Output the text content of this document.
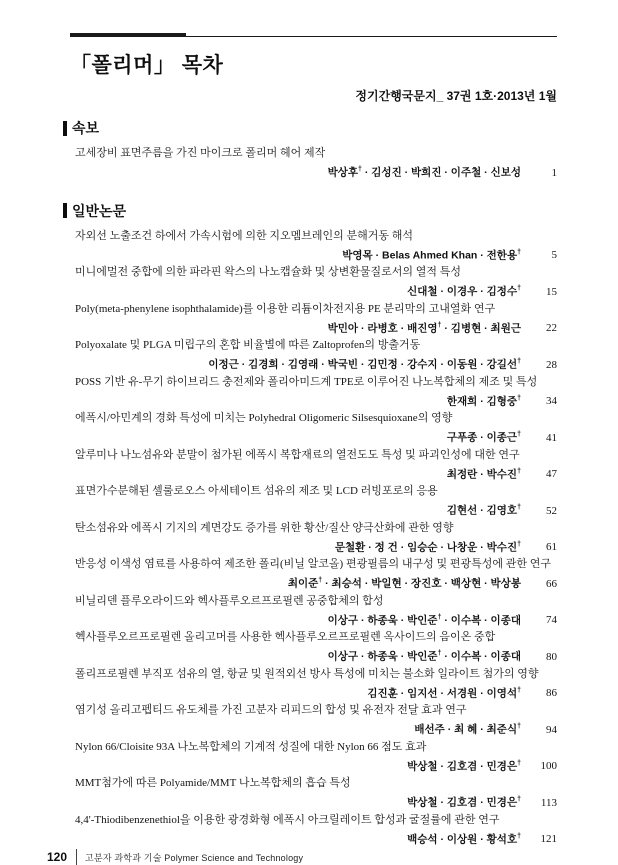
「폴리머」 목차
정기간행국문지_ 37권 1호·2013년 1월
속보
고세장비 표면주름을 가진 마이크로 폴리머 헤어 제작
박상후† · 김성진 · 박희진 · 이주철 · 신보성	1
일반논문
자외선 노출조건 하에서 가속시험에 의한 지오멤브레인의 분해거동 해석
박영목 · Belas Ahmed Khan · 전한용†	5
미니에멀전 중합에 의한 파라핀 왁스의 나노캡슐화 및 상변환물질로서의 열적 특성
신대철 · 이경우 · 김정수†	15
Poly(meta-phenylene isophthalamide)를 이용한 리튬이차전지용 PE 분리막의 고내열화 연구
박민아 · 라병호 · 배진영† · 김병현 · 최원근	22
Polyoxalate 및 PLGA 미립구의 혼합 비율별에 따른 Zaltoprofen의 방출거동
이정근 · 김경희 · 김영래 · 박국빈 · 김민정 · 강수지 · 이동원 · 강길선†	28
POSS 기반 유-무기 하이브리드 충전제와 폴리아미드계 TPE로 이루어진 나노복합체의 제조 및 특성
한재희 · 김형중†	34
에폭시/아민계의 경화 특성에 미치는 Polyhedral Oligomeric Silsesquioxane의 영향
구푸종 · 이종근†	41
알루미나 나노섬유와 분말이 첨가된 에폭시 복합재료의 열전도도 특성 및 파괴인성에 대한 연구
최정란 · 박수진†	47
표면가수분해된 셀룰로오스 아세테이트 섬유의 제조 및 LCD 러빙포로의 응용
김현선 · 김영호†	52
탄소섬유와 에폭시 기지의 계면강도 증가를 위한 황산/질산 양극산화에 관한 영향
문철환 · 정 건 · 임승순 · 나창운 · 박수진†	61
반응성 이색성 염료를 사용하여 제조한 폴리(비닐 알코올) 편광필름의 내구성 및 편광특성에 관한 연구
최이준† · 최승석 · 박일현 · 장진호 · 백상현 · 박상봉	66
비닐리덴 플루오라이드와 헥사플루오르프로필렌 공중합체의 합성
이상구 · 하종욱 · 박인준† · 이수복 · 이종대	74
헥사플루오르프로필렌 올리고머를 사용한 헥사플루오르프로필렌 옥사이드의 음이온 중합
이상구 · 하종욱 · 박인준† · 이수복 · 이종대	80
폴리프로필렌 부직포 섬유의 열, 항균 및 원적외선 방사 특성에 미치는 불소화 일라이트 첨가의 영향
김진훈 · 임지선 · 서경원 · 이영석†	86
염기성 올리고펩티드 유도체를 가진 고분자 리피드의 합성 및 유전자 전달 효과 연구
배선주 · 최 혜 · 최준식†	94
Nylon 66/Cloisite 93A 나노복합체의 기계적 성질에 대한 Nylon 66 점도 효과
박상철 · 김호겸 · 민경은†	100
MMT첨가에 따른 Polyamide/MMT 나노복합체의 흡습 특성
박상철 · 김호겸 · 민경은†	113
4,4'-Thiodibenzenethiol을 이용한 광경화형 에폭시 아크릴레이트 합성과 굴절률에 관한 연구
백승석 · 이상원 · 황석호†	121
120 고분자 과학과 기술 Polymer Science and Technology
